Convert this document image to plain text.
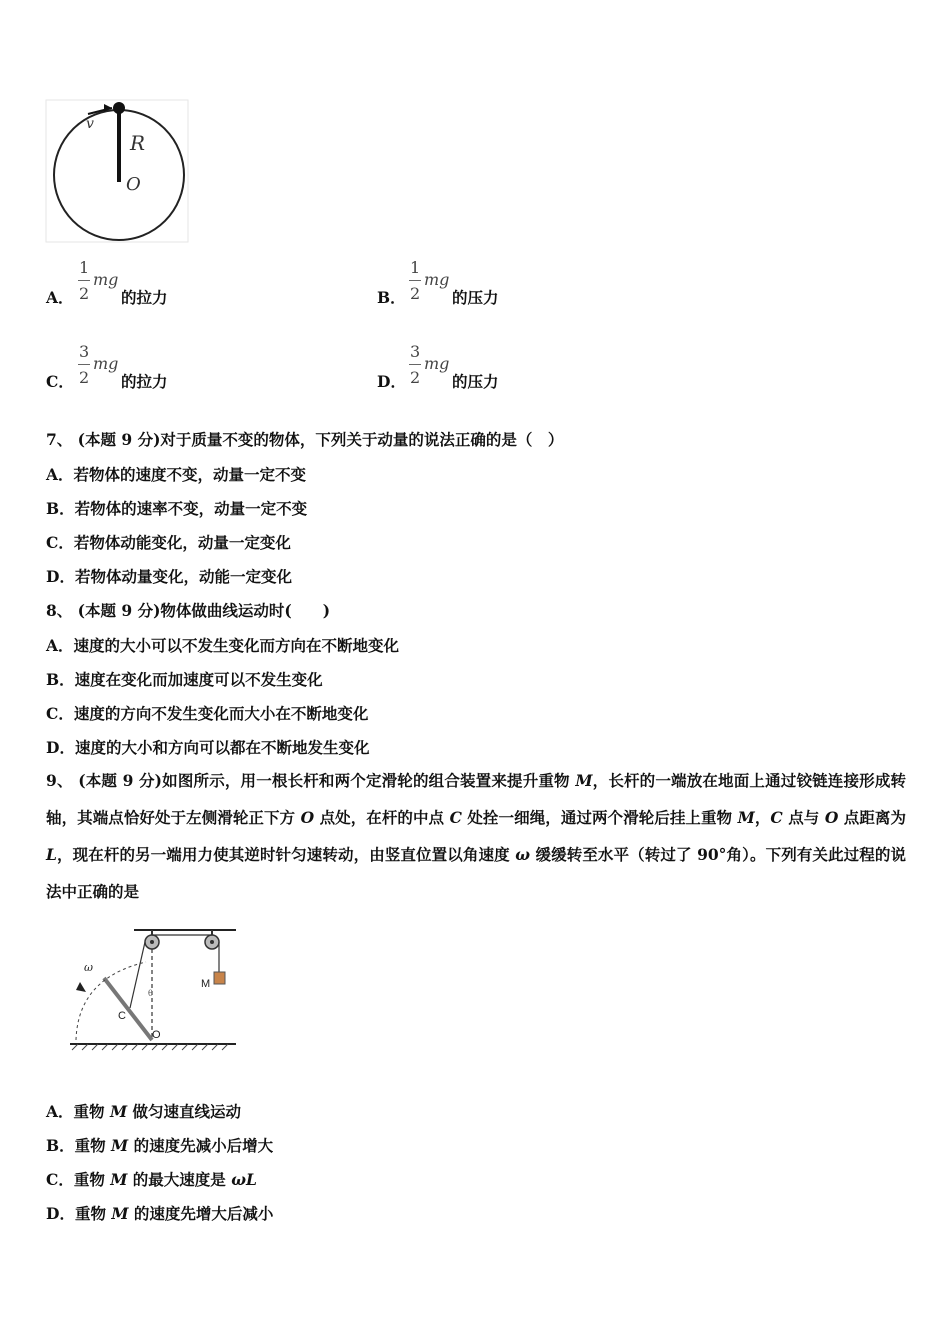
v
R
O
A．
1
2
mg
的拉力	B．
1
2
mg
的压力
C．
3
2
mg
的拉力	D．
3
2
mg
的压力
7、 (本题 9 分)对于质量不变的物体，下列关于动量的说法正确的是（　）
A．若物体的速度不变，动量一定不变
B．若物体的速率不变，动量一定不变
C．若物体动能变化，动量一定变化
D．若物体动量变化，动能一定变化
8、 (本题 9 分)物体做曲线运动时(　　)
A．速度的大小可以不发生变化而方向在不断地变化
B．速度在变化而加速度可以不发生变化
C．速度的方向不发生变化而大小在不断地变化
D．速度的大小和方向可以都在不断地发生变化
9、 (本题 9 分)如图所示，用一根长杆和两个定滑轮的组合装置来提升重物 M，长杆的一端放在地面上通过铰链连接形成转轴，其端点恰好处于左侧滑轮正下方 O 点处，在杆的中点 C 处拴一细绳，通过两个滑轮后挂上重物 M，C 点与 O 点距离为 L，现在杆的另一端用力使其逆时针匀速转动，由竖直位置以角速度 ω 缓缓转至水平（转过了 90°角）。下列有关此过程的说法中正确的是
M
θ
ω
C
O
A．重物 M 做匀速直线运动
B．重物 M 的速度先减小后增大
C．重物 M 的最大速度是 ωL
D．重物 M 的速度先增大后减小
